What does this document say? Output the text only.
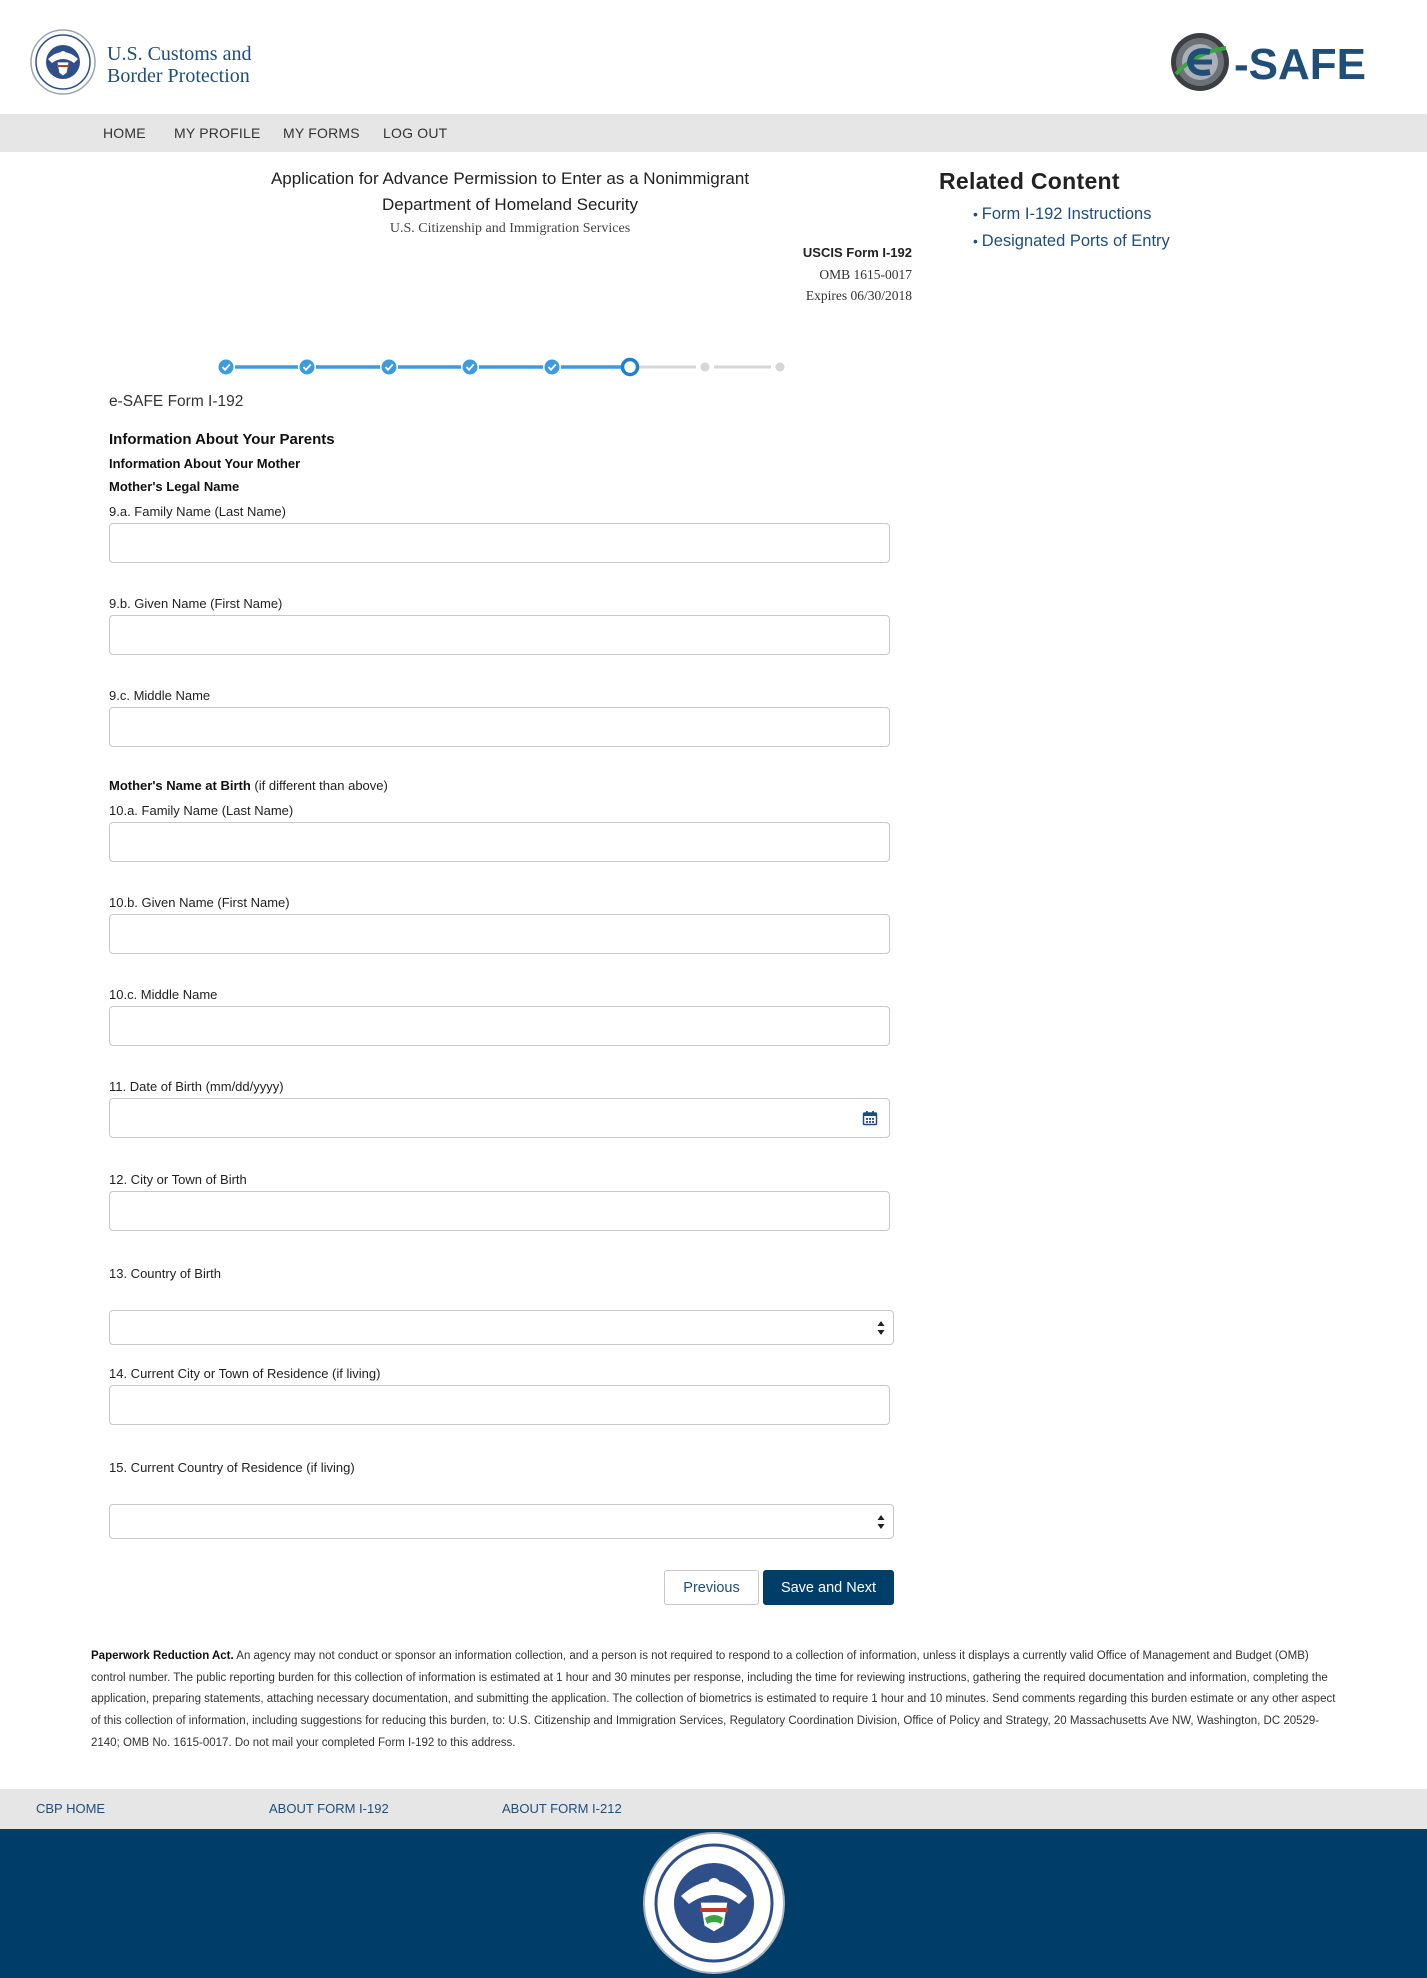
U.S. Customs and
Border Protection	-SAFE
HOME MY PROFILE MY FORMS LOG OUT
Application for Advance Permission to Enter as a Nonimmigrant
Department of Homeland Security
U.S. Citizenship and Immigration Services
USCIS Form I-192
OMB 1615-0017
Expires 06/30/2018
Related Content
• Form I-192 Instructions
• Designated Ports of Entry
e-SAFE Form I-192
Information About Your Parents
Information About Your Mother
Mother's Legal Name
9.a. Family Name (Last Name)
9.b. Given Name (First Name)
9.c. Middle Name
Mother's Name at Birth (if different than above)
10.a. Family Name (Last Name)
10.b. Given Name (First Name)
10.c. Middle Name
11. Date of Birth (mm/dd/yyyy)
12. City or Town of Birth
13. Country of Birth
14. Current City or Town of Residence (if living)
15. Current Country of Residence (if living)
Previous	Save and Next
Paperwork Reduction Act. An agency may not conduct or sponsor an information collection, and a person is not required to respond to a collection of information, unless it displays a currently valid Office of Management and Budget (OMB) control number. The public reporting burden for this collection of information is estimated at 1 hour and 30 minutes per response, including the time for reviewing instructions, gathering the required documentation and information, completing the application, preparing statements, attaching necessary documentation, and submitting the application. The collection of biometrics is estimated to require 1 hour and 10 minutes. Send comments regarding this burden estimate or any other aspect of this collection of information, including suggestions for reducing this burden, to: U.S. Citizenship and Immigration Services, Regulatory Coordination Division, Office of Policy and Strategy, 20 Massachusetts Ave NW, Washington, DC 20529-2140; OMB No. 1615-0017. Do not mail your completed Form I-192 to this address.
CBP HOME	ABOUT FORM I-192	ABOUT FORM I-212
